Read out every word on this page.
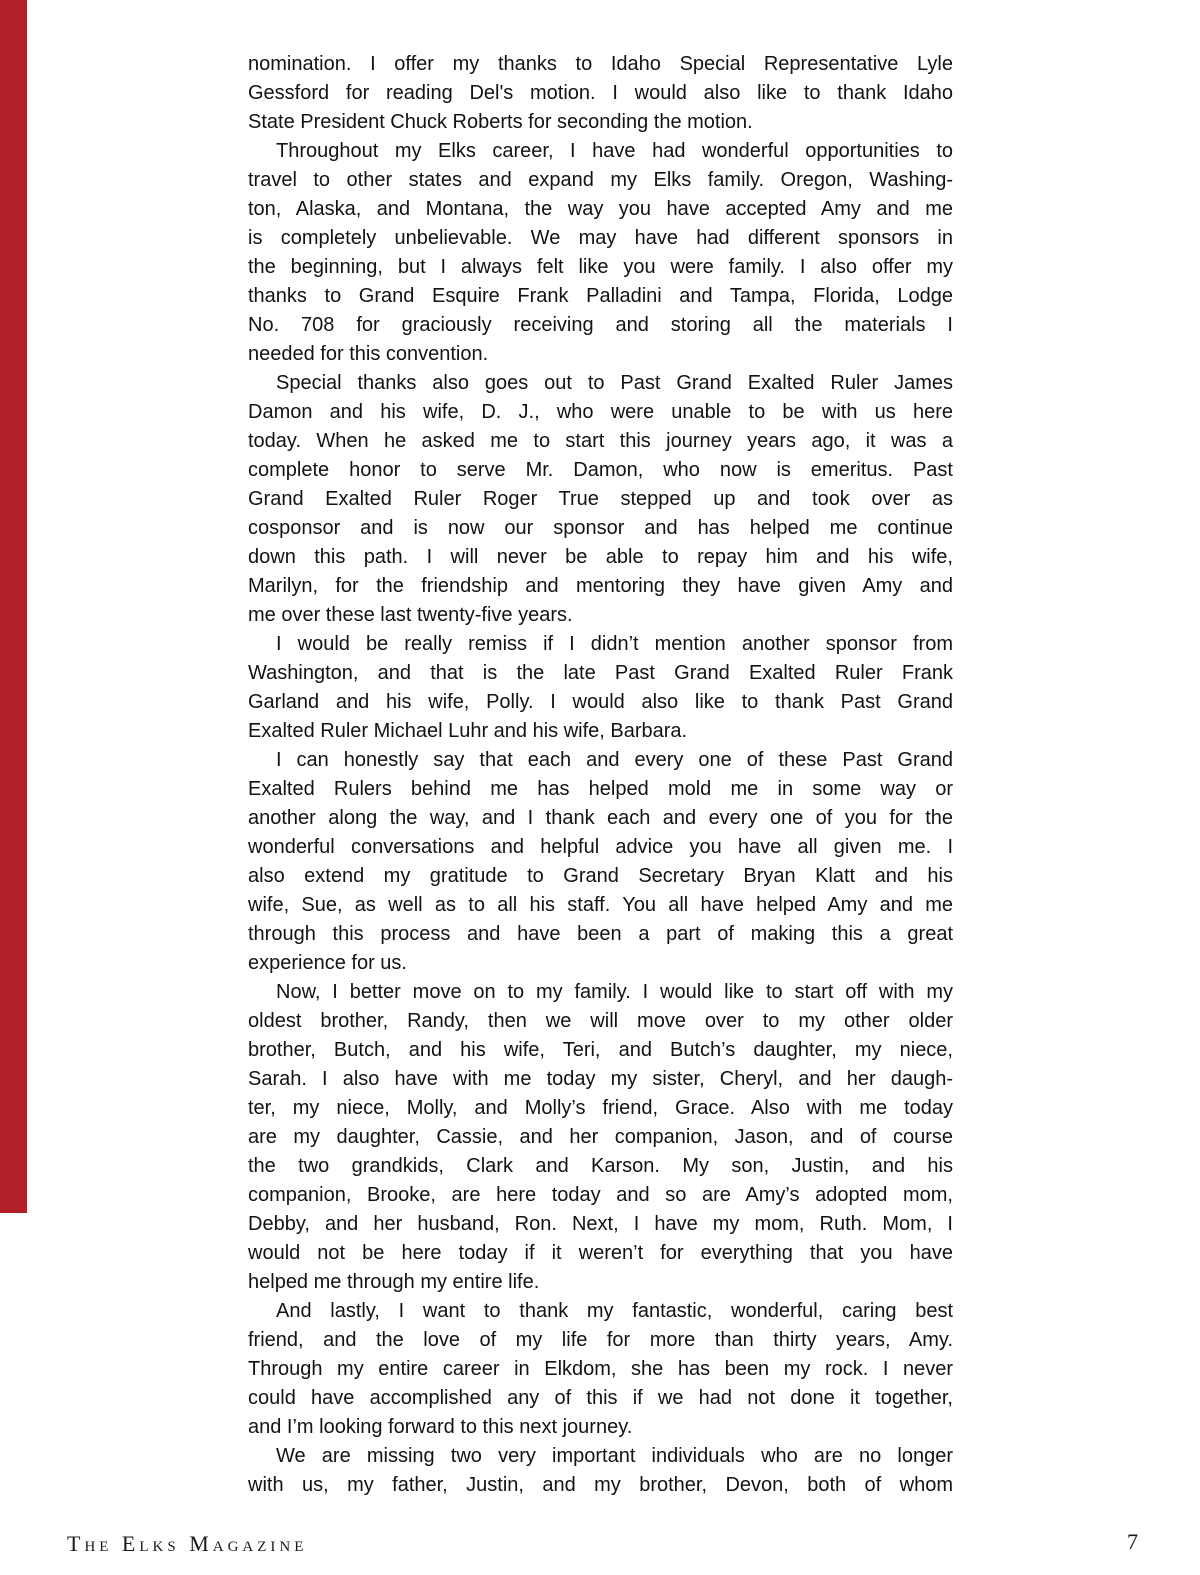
nomination. I offer my thanks to Idaho Special Representative Lyle
Gessford for reading Del's motion. I would also like to thank Idaho
State President Chuck Roberts for seconding the motion.
Throughout my Elks career, I have had wonderful opportunities to
travel to other states and expand my Elks family. Oregon, Washing-
ton, Alaska, and Montana, the way you have accepted Amy and me
is completely unbelievable. We may have had different sponsors in
the beginning, but I always felt like you were family. I also offer my
thanks to Grand Esquire Frank Palladini and Tampa, Florida, Lodge
No. 708 for graciously receiving and storing all the materials I
needed for this convention.
Special thanks also goes out to Past Grand Exalted Ruler James
Damon and his wife, D. J., who were unable to be with us here
today. When he asked me to start this journey years ago, it was a
complete honor to serve Mr. Damon, who now is emeritus. Past
Grand Exalted Ruler Roger True stepped up and took over as
cosponsor and is now our sponsor and has helped me continue
down this path. I will never be able to repay him and his wife,
Marilyn, for the friendship and mentoring they have given Amy and
me over these last twenty-five years.
I would be really remiss if I didn’t mention another sponsor from
Washington, and that is the late Past Grand Exalted Ruler Frank
Garland and his wife, Polly. I would also like to thank Past Grand
Exalted Ruler Michael Luhr and his wife, Barbara.
I can honestly say that each and every one of these Past Grand
Exalted Rulers behind me has helped mold me in some way or
another along the way, and I thank each and every one of you for the
wonderful conversations and helpful advice you have all given me. I
also extend my gratitude to Grand Secretary Bryan Klatt and his
wife, Sue, as well as to all his staff. You all have helped Amy and me
through this process and have been a part of making this a great
experience for us.
Now, I better move on to my family. I would like to start off with my
oldest brother, Randy, then we will move over to my other older
brother, Butch, and his wife, Teri, and Butch’s daughter, my niece,
Sarah. I also have with me today my sister, Cheryl, and her daugh-
ter, my niece, Molly, and Molly’s friend, Grace. Also with me today
are my daughter, Cassie, and her companion, Jason, and of course
the two grandkids, Clark and Karson. My son, Justin, and his
companion, Brooke, are here today and so are Amy’s adopted mom,
Debby, and her husband, Ron. Next, I have my mom, Ruth. Mom, I
would not be here today if it weren’t for everything that you have
helped me through my entire life.
And lastly, I want to thank my fantastic, wonderful, caring best
friend, and the love of my life for more than thirty years, Amy.
Through my entire career in Elkdom, she has been my rock. I never
could have accomplished any of this if we had not done it together,
and I’m looking forward to this next journey.
We are missing two very important individuals who are no longer
with us, my father, Justin, and my brother, Devon, both of whom
The Elks Magazine	7
